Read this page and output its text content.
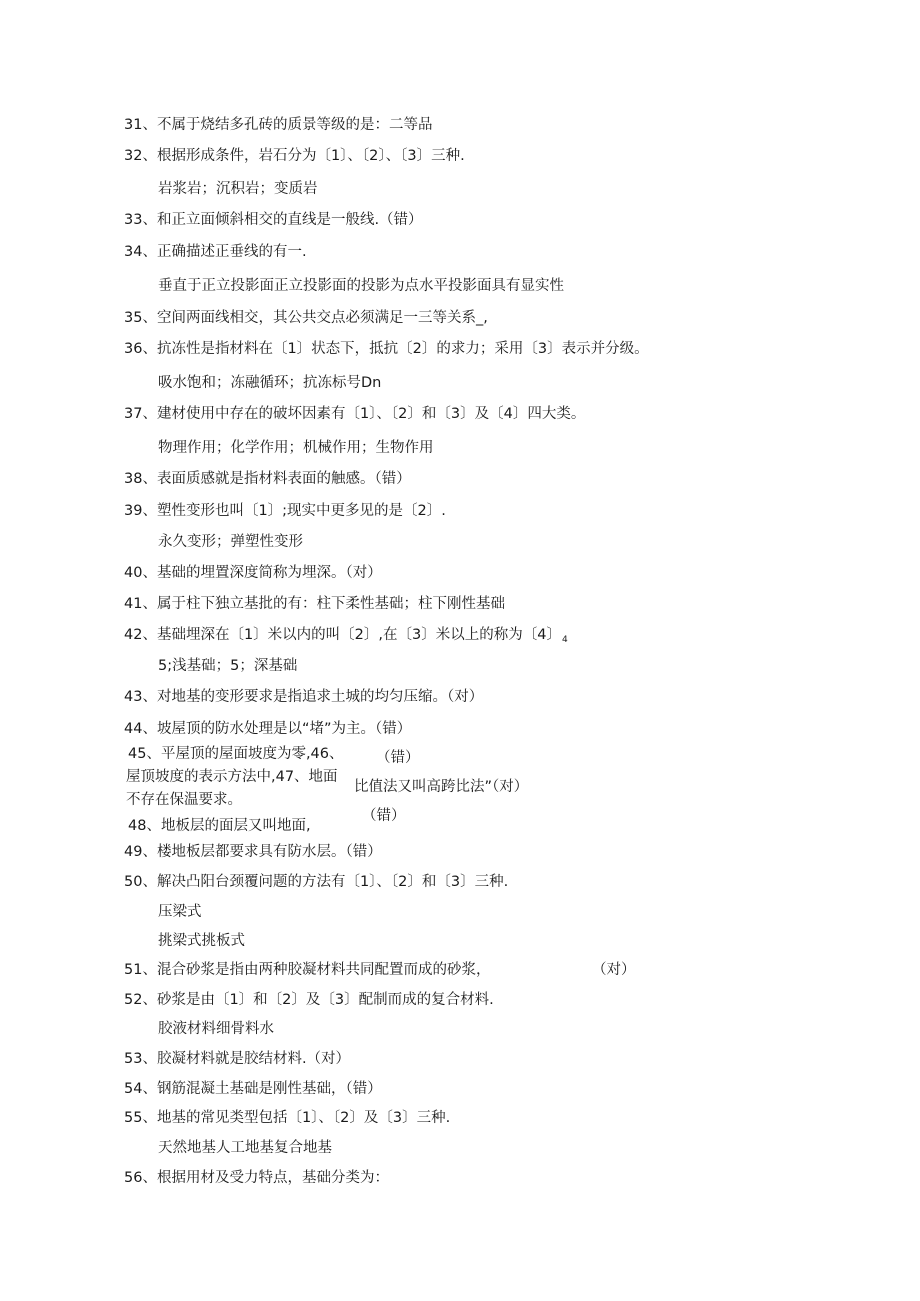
31、不属于烧结多孔砖的质景等级的是：二等品
32、根据形成条件，岩石分为〔1〕、〔2〕、〔3〕三种.
岩浆岩；沉积岩；变质岩
33、和正立面倾斜相交的直线是一般线.（错）
34、正确描述正垂线的有一.
垂直于正立投影面正立投影面的投影为点水平投影面具有显实性
35、空间两面线相交，其公共交点必须满足一三等关系_,
36、抗冻性是指材料在〔1〕状态下，抵抗〔2〕的求力；采用〔3〕表示并分级。
吸水饱和；冻融循环；抗冻标号Dn
37、建材使用中存在的破坏因素有〔1〕、〔2〕和〔3〕及〔4〕四大类。
物理作用；化学作用；机械作用；生物作用
38、表面质感就是指材料表面的触感。（错）
39、塑性变形也叫〔1〕;现实中更多见的是〔2〕.
永久变形；弹塑性变形
40、基础的埋置深度简称为埋深。（对）
41、属于柱下独立基批的有：柱下柔性基础；柱下刚性基础
42、基础埋深在〔1〕米以内的叫〔2〕,在〔3〕米以上的称为〔4〕$_4$
5;浅基础；5；深基础
43、对地基的变形要求是指追求土城的均匀压缩。（对）
44、坡屋顶的防水处理是以“堵”为主。（错）
45、平屋顶的屋面坡度为零,46、 （错）
屋顶坡度的表示方法中,47、地面
比值法又叫高跨比法”（对）
不存在保温要求。
48、地板层的面层又叫地面,
（错）
49、楼地板层都要求具有防水层。（错）
50、解决凸阳台颈覆问题的方法有〔1〕、〔2〕和〔3〕三种.
压梁式
挑梁式挑板式
51、混合砂浆是指由两种胶凝材料共同配置而成的砂浆，	（对）
52、砂浆是由〔1〕和〔2〕及〔3〕配制而成的复合材料.
胶液材料细骨料水
53、胶凝材料就是胶结材料.（对）
54、钢筋混凝土基础是刚性基础，（错）
55、地基的常见类型包括〔1〕、〔2〕及〔3〕三种.
天然地基人工地基复合地基
56、根据用材及受力特点，基础分类为：
